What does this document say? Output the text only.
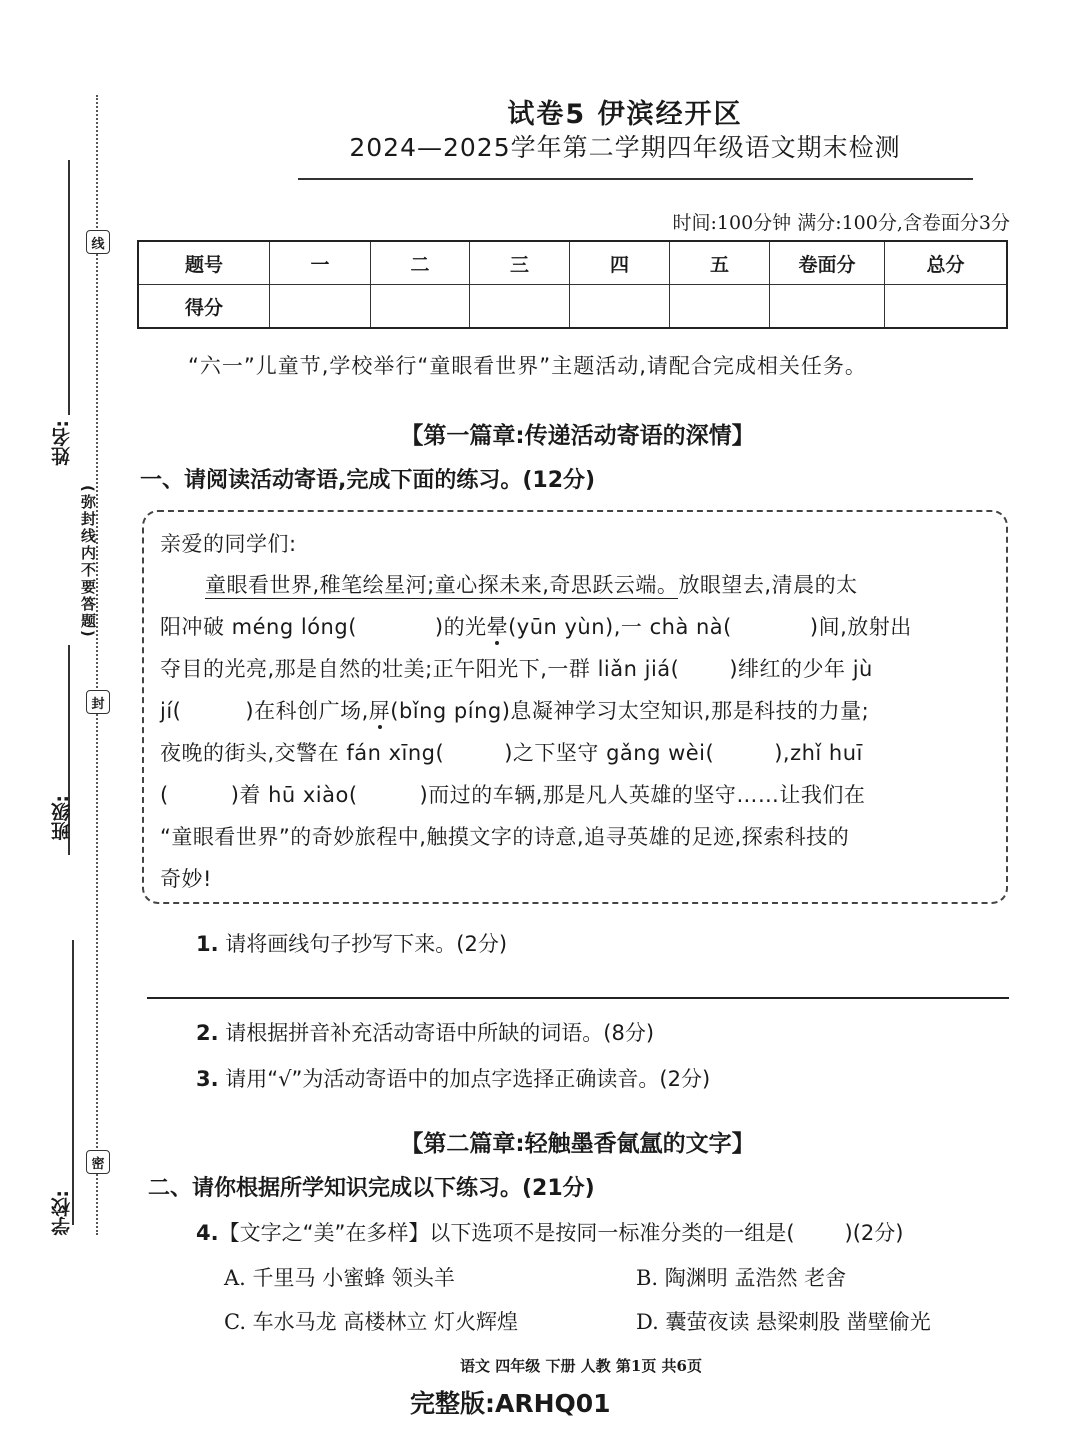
线
封
密
姓名:
班级:
学校:
(弥封线内不要答题)
试卷5 伊滨经开区
2024—2025学年第二学期四年级语文期末检测
时间:100分钟 满分:100分,含卷面分3分
题号	一	二	三	四	五	卷面分	总分
得分							
“六一”儿童节,学校举行“童眼看世界”主题活动,请配合完成相关任务。
【第一篇章:传递活动寄语的深情】
一、请阅读活动寄语,完成下面的练习。(12分)
亲爱的同学们:
童眼看世界,稚笔绘星河;童心探未来,奇思跃云端。放眼望去,清晨的太
阳冲破 méng lóng(	)的光晕(yūn yùn),一 chà nà(	)间,放射出
夺目的光亮,那是自然的壮美;正午阳光下,一群 liǎn jiá( )绯红的少年 jù
jí(	)在科创广场,屏(bǐng píng)息凝神学习太空知识,那是科技的力量;
夜晚的街头,交警在 fán xīng(	)之下坚守 gǎng wèi(	),zhǐ huī
(	)着 hū xiào(	)而过的车辆,那是凡人英雄的坚守……让我们在
“童眼看世界”的奇妙旅程中,触摸文字的诗意,追寻英雄的足迹,探索科技的
奇妙!
1. 请将画线句子抄写下来。(2分)
2. 请根据拼音补充活动寄语中所缺的词语。(8分)
3. 请用“√”为活动寄语中的加点字选择正确读音。(2分)
【第二篇章:轻触墨香氤氲的文字】
二、请你根据所学知识完成以下练习。(21分)
4.【文字之“美”在多样】以下选项不是按同一标准分类的一组是( )(2分)
A. 千里马 小蜜蜂 领头羊	B. 陶渊明 孟浩然 老舍
C. 车水马龙 高楼林立 灯火辉煌	D. 囊萤夜读 悬梁刺股 凿壁偷光
语文 四年级 下册 人教 第1页 共6页
完整版:ARHQ01
